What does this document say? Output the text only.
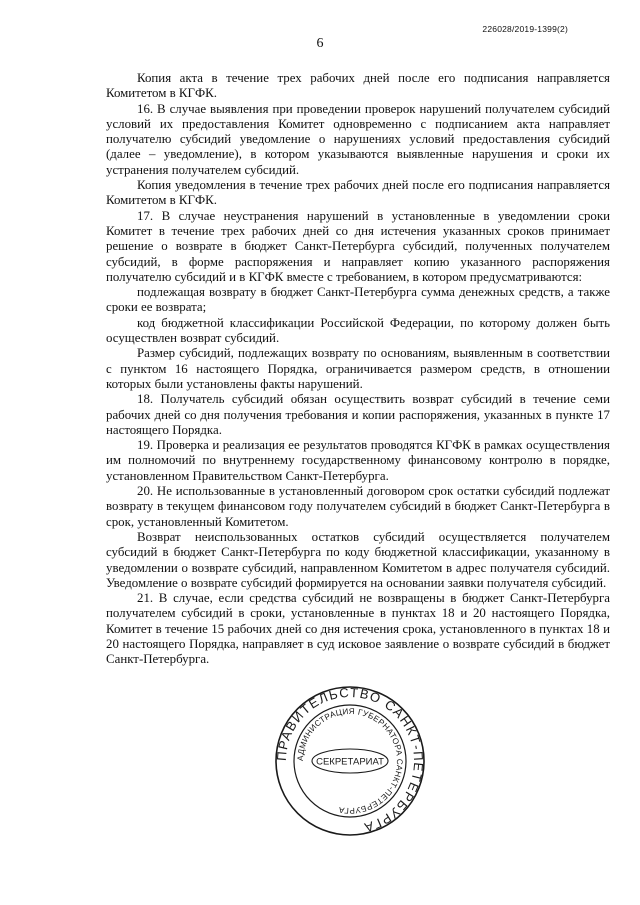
226028/2019-1399(2)
6

Копия акта в течение трех рабочих дней после его подписания направляется Комитетом в КГФК.

16. В случае выявления при проведении проверок нарушений получателем субсидий условий их предоставления Комитет одновременно с подписанием акта направляет получателю субсидий уведомление о нарушениях условий предоставления субсидий (далее – уведомление), в котором указываются выявленные нарушения и сроки их устранения получателем субсидий.

Копия уведомления в течение трех рабочих дней после его подписания направляется Комитетом в КГФК.

17. В случае неустранения нарушений в установленные в уведомлении сроки Комитет в течение трех рабочих дней со дня истечения указанных сроков принимает решение о возврате в бюджет Санкт-Петербурга субсидий, полученных получателем субсидий, в форме распоряжения и направляет копию указанного распоряжения получателю субсидий и в КГФК вместе с требованием, в котором предусматриваются:

подлежащая возврату в бюджет Санкт-Петербурга сумма денежных средств, а также сроки ее возврата;

код бюджетной классификации Российской Федерации, по которому должен быть осуществлен возврат субсидий.

Размер субсидий, подлежащих возврату по основаниям, выявленным в соответствии с пунктом 16 настоящего Порядка, ограничивается размером средств, в отношении которых были установлены факты нарушений.

18. Получатель субсидий обязан осуществить возврат субсидий в течение семи рабочих дней со дня получения требования и копии распоряжения, указанных в пункте 17 настоящего Порядка.

19. Проверка и реализация ее результатов проводятся КГФК в рамках осуществления им полномочий по внутреннему государственному финансовому контролю в порядке, установленном Правительством Санкт-Петербурга.

20. Не использованные в установленный договором срок остатки субсидий подлежат возврату в текущем финансовом году получателем субсидий в бюджет Санкт-Петербурга в срок, установленный Комитетом.

Возврат неиспользованных остатков субсидий осуществляется получателем субсидий в бюджет Санкт-Петербурга по коду бюджетной классификации, указанному в уведомлении о возврате субсидий, направленном Комитетом в адрес получателя субсидий. Уведомление о возврате субсидий формируется на основании заявки получателя субсидий.

21. В случае, если средства субсидий не возвращены в бюджет Санкт-Петербурга получателем субсидий в сроки, установленные в пунктах 18 и 20 настоящего Порядка, Комитет в течение 15 рабочих дней со дня истечения срока, установленного в пунктах 18 и 20 настоящего Порядка, направляет в суд исковое заявление о возврате субсидий в бюджет Санкт-Петербурга.

ПРАВИТЕЛЬСТВО САНКТ-ПЕТЕРБУРГА
АДМИНИСТРАЦИЯ ГУБЕРНАТОРА САНКТ-ПЕТЕРБУРГА
СЕКРЕТАРИАТ
